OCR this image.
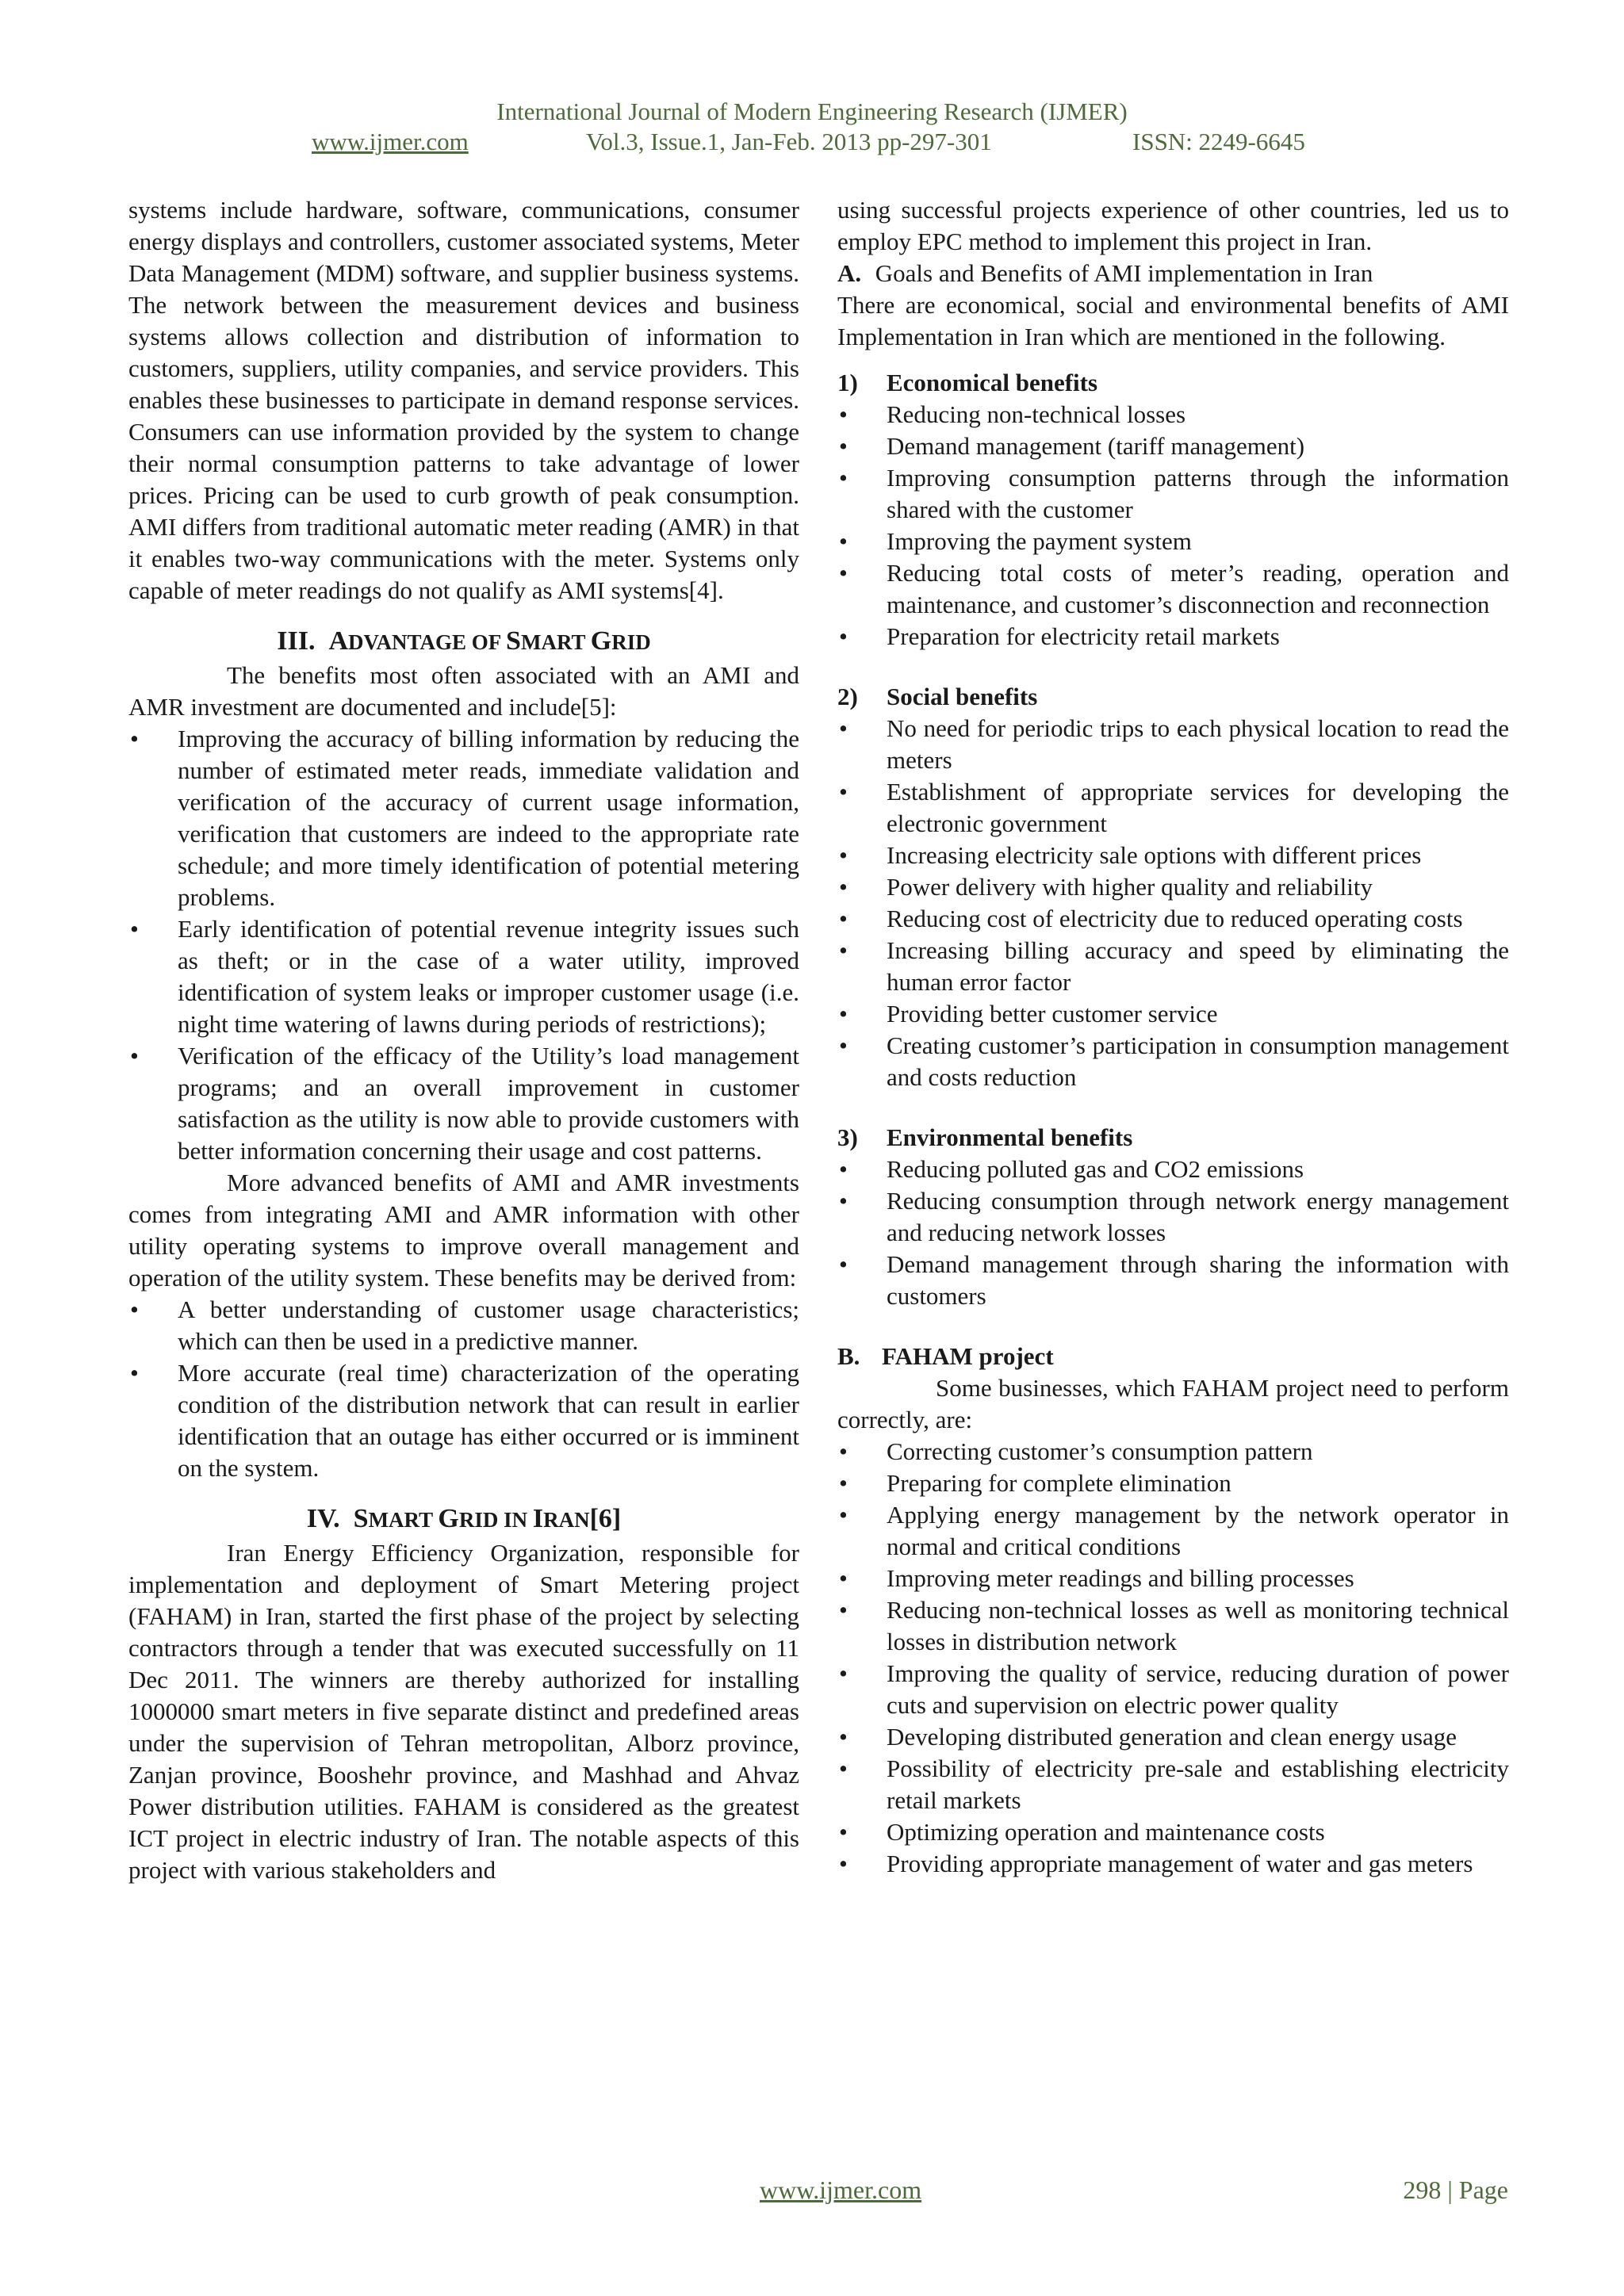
International Journal of Modern Engineering Research (IJMER)
www.ijmer.com	Vol.3, Issue.1, Jan-Feb. 2013 pp-297-301	ISSN: 2249-6645

systems include hardware, software, communications, consumer energy displays and controllers, customer associated systems, Meter Data Management (MDM) software, and supplier business systems. The network between the measurement devices and business systems allows collection and distribution of information to customers, suppliers, utility companies, and service providers. This enables these businesses to participate in demand response services. Consumers can use information provided by the system to change their normal consumption patterns to take advantage of lower prices. Pricing can be used to curb growth of peak consumption. AMI differs from traditional automatic meter reading (AMR) in that it enables two-way communications with the meter. Systems only capable of meter readings do not qualify as AMI systems[4].

III. ADVANTAGE OF SMART GRID

The benefits most often associated with an AMI and AMR investment are documented and include[5]:

• Improving the accuracy of billing information by reducing the number of estimated meter reads, immediate validation and verification of the accuracy of current usage information, verification that customers are indeed to the appropriate rate schedule; and more timely identification of potential metering problems.
• Early identification of potential revenue integrity issues such as theft; or in the case of a water utility, improved identification of system leaks or improper customer usage (i.e. night time watering of lawns during periods of restrictions);
• Verification of the efficacy of the Utility’s load management programs; and an overall improvement in customer satisfaction as the utility is now able to provide customers with better information concerning their usage and cost patterns.

More advanced benefits of AMI and AMR investments comes from integrating AMI and AMR information with other utility operating systems to improve overall management and operation of the utility system. These benefits may be derived from:

• A better understanding of customer usage characteristics; which can then be used in a predictive manner.
• More accurate (real time) characterization of the operating condition of the distribution network that can result in earlier identification that an outage has either occurred or is imminent on the system.
IV. SMART GRID IN IRAN[6]

Iran Energy Efficiency Organization, responsible for implementation and deployment of Smart Metering project (FAHAM) in Iran, started the first phase of the project by selecting contractors through a tender that was executed successfully on 11 Dec 2011. The winners are thereby authorized for installing 1000000 smart meters in five separate distinct and predefined areas under the supervision of Tehran metropolitan, Alborz province, Zanjan province, Booshehr province, and Mashhad and Ahvaz Power distribution utilities. FAHAM is considered as the greatest ICT project in electric industry of Iran. The notable aspects of this project with various stakeholders and

using successful projects experience of other countries, led us to employ EPC method to implement this project in Iran.

A. Goals and Benefits of AMI implementation in Iran

There are economical, social and environmental benefits of AMI Implementation in Iran which are mentioned in the following.

1) Economical benefits

• Reducing non-technical losses
• Demand management (tariff management)
• Improving consumption patterns through the information shared with the customer
• Improving the payment system
• Reducing total costs of meter’s reading, operation and maintenance, and customer’s disconnection and reconnection
• Preparation for electricity retail markets

2) Social benefits

• No need for periodic trips to each physical location to read the meters
• Establishment of appropriate services for developing the electronic government
• Increasing electricity sale options with different prices
• Power delivery with higher quality and reliability
• Reducing cost of electricity due to reduced operating costs
• Increasing billing accuracy and speed by eliminating the human error factor
• Providing better customer service
• Creating customer’s participation in consumption management and costs reduction

3) Environmental benefits

• Reducing polluted gas and CO2 emissions
• Reducing consumption through network energy management and reducing network losses
• Demand management through sharing the information with customers

B. FAHAM project

Some businesses, which FAHAM project need to perform correctly, are:

• Correcting customer’s consumption pattern
• Preparing for complete elimination
• Applying energy management by the network operator in normal and critical conditions
• Improving meter readings and billing processes
• Reducing non-technical losses as well as monitoring technical losses in distribution network
• Improving the quality of service, reducing duration of power cuts and supervision on electric power quality
• Developing distributed generation and clean energy usage
• Possibility of electricity pre-sale and establishing electricity retail markets
• Optimizing operation and maintenance costs
• Providing appropriate management of water and gas meters
www.ijmer.com	298 | Page
